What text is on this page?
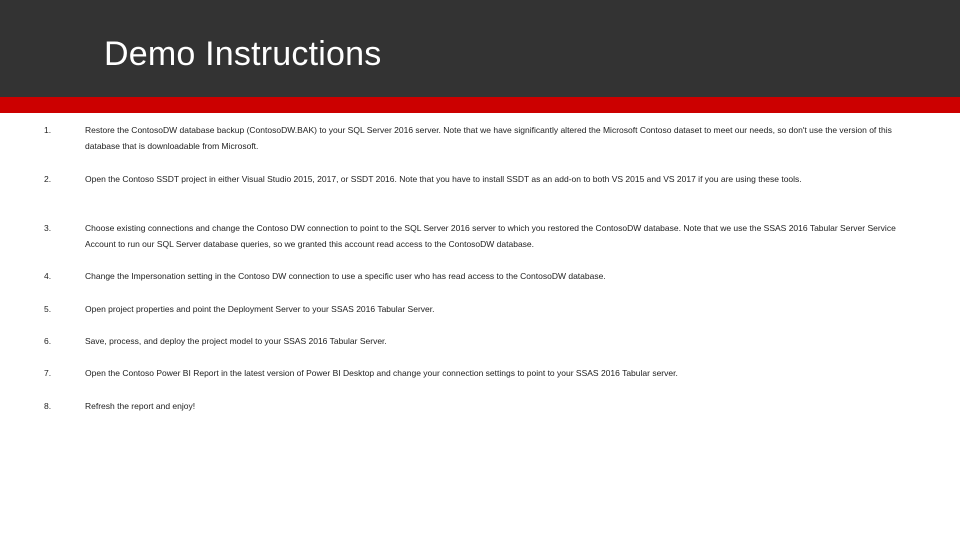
Demo Instructions
1.	Restore the ContosoDW database backup (ContosoDW.BAK) to your SQL Server 2016 server. Note that we have significantly altered the Microsoft Contoso dataset to meet our needs, so don't use the version of this database that is downloadable from Microsoft.
2.	Open the Contoso SSDT project in either Visual Studio 2015, 2017, or SSDT 2016. Note that you have to install SSDT as an add-on to both VS 2015 and VS 2017 if you are using these tools.
3.	Choose existing connections and change the Contoso DW connection to point to the SQL Server 2016 server to which you restored the ContosoDW database. Note that we use the SSAS 2016 Tabular Server Service Account to run our SQL Server database queries, so we granted this account read access to the ContosoDW database.
4.	Change the Impersonation setting in the Contoso DW connection to use a specific user who has read access to the ContosoDW database.
5.	Open project properties and point the Deployment Server to your SSAS 2016 Tabular Server.
6.	Save, process, and deploy the project model to your SSAS 2016 Tabular Server.
7.	Open the Contoso Power BI Report in the latest version of Power BI Desktop and change your connection settings to point to your SSAS 2016 Tabular server.
8.	Refresh the report and enjoy!
